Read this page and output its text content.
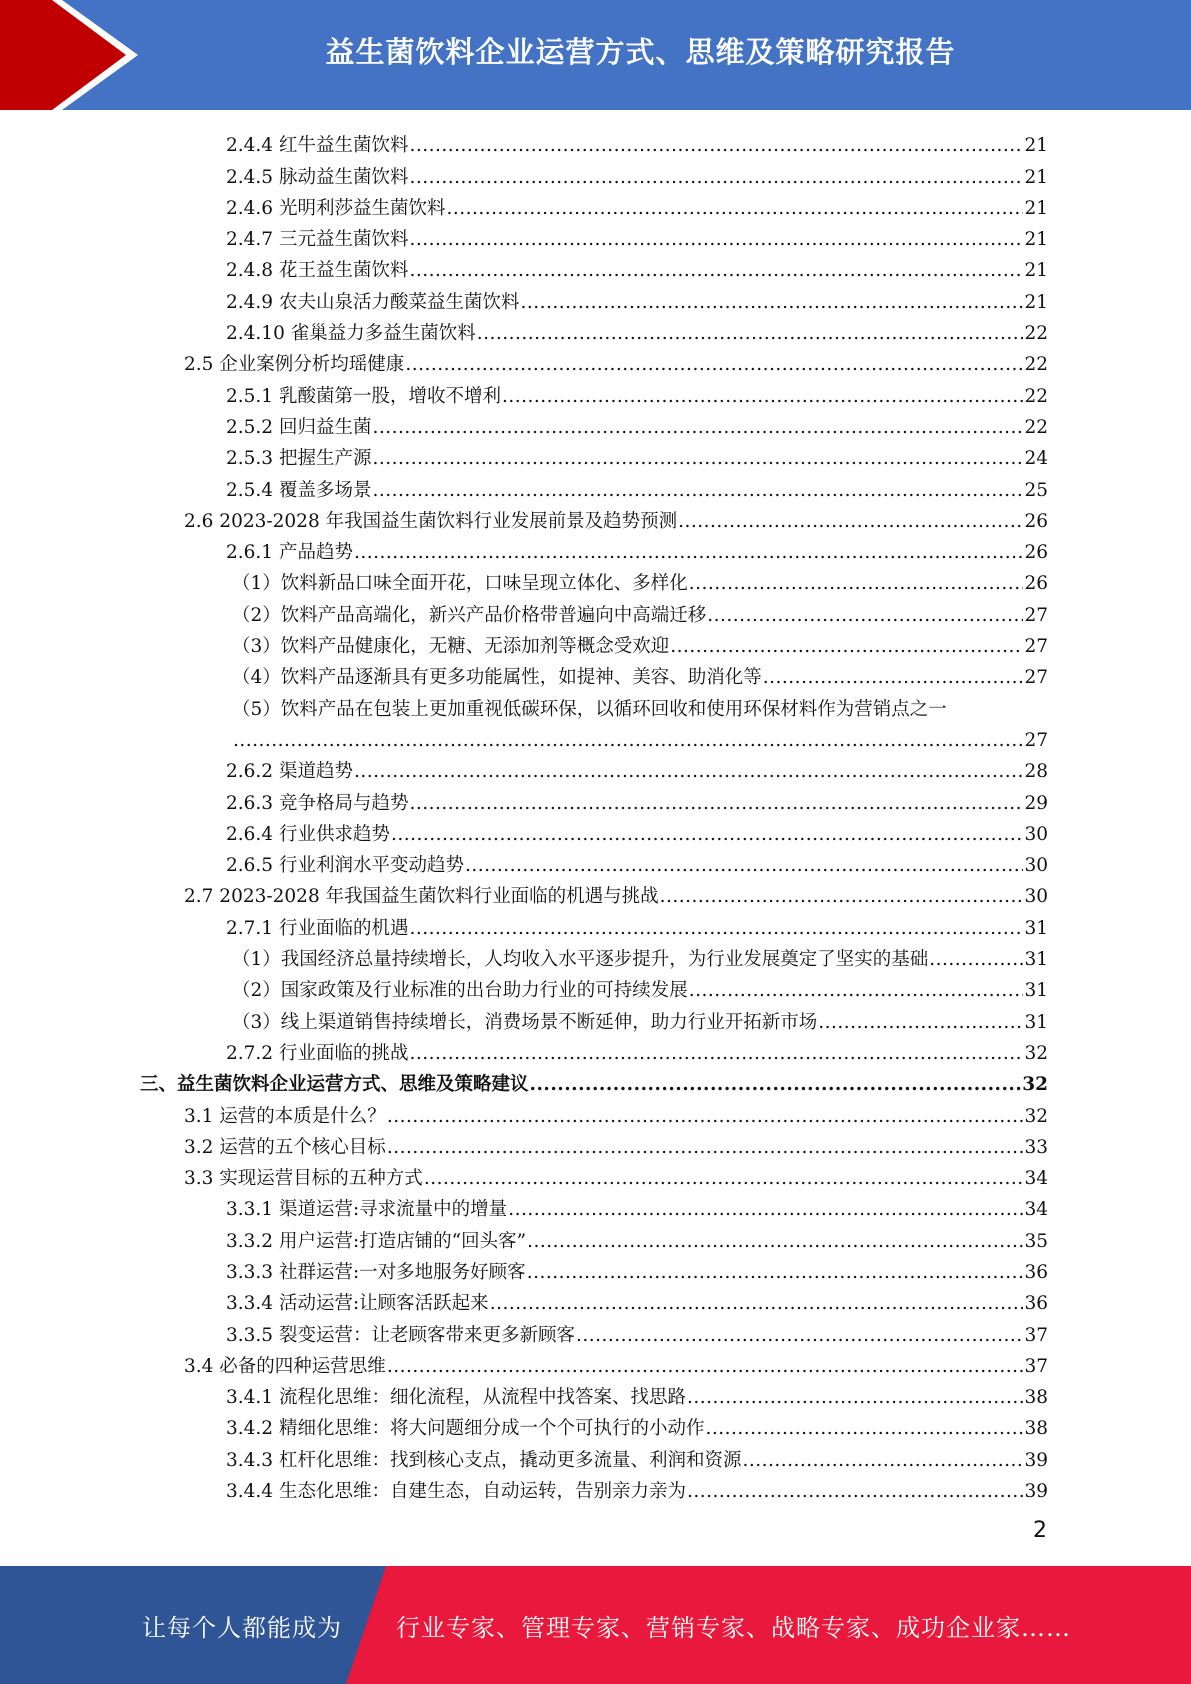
益生菌饮料企业运营方式、思维及策略研究报告
2.4.4 红牛益生菌饮料 .....	21
2.4.5 脉动益生菌饮料 .....	21
2.4.6 光明利莎益生菌饮料 .....	21
2.4.7 三元益生菌饮料 .....	21
2.4.8 花王益生菌饮料 .....	21
2.4.9 农夫山泉活力酸菜益生菌饮料 .....	21
2.4.10 雀巢益力多益生菌饮料 .....	22
2.5 企业案例分析均瑶健康 .....	22
2.5.1 乳酸菌第一股，增收不增利 .....	22
2.5.2 回归益生菌 .....	22
2.5.3 把握生产源 .....	24
2.5.4 覆盖多场景 .....	25
2.6 2023-2028 年我国益生菌饮料行业发展前景及趋势预测 .....	26
2.6.1 产品趋势 .....	26
（1）饮料新品口味全面开花，口味呈现立体化、多样化 .....	26
（2）饮料产品高端化，新兴产品价格带普遍向中高端迁移 .....	27
（3）饮料产品健康化，无糖、无添加剂等概念受欢迎 .....	27
（4）饮料产品逐渐具有更多功能属性，如提神、美容、助消化等 .....	27
（5）饮料产品在包装上更加重视低碳环保，以循环回收和使用环保材料作为营销点之一
.....
27
2.6.2 渠道趋势 .....	28
2.6.3 竞争格局与趋势 .....	29
2.6.4 行业供求趋势 .....	30
2.6.5 行业利润水平变动趋势 .....	30
2.7 2023-2028 年我国益生菌饮料行业面临的机遇与挑战 .....	30
2.7.1 行业面临的机遇 .....	31
（1）我国经济总量持续增长，人均收入水平逐步提升，为行业发展奠定了坚实的基础 .....	31
（2）国家政策及行业标准的出台助力行业的可持续发展 .....	31
（3）线上渠道销售持续增长，消费场景不断延伸，助力行业开拓新市场 .....	31
2.7.2 行业面临的挑战 .....	32
三、益生菌饮料企业运营方式、思维及策略建议 .....	32
3.1 运营的本质是什么？ .....	32
3.2 运营的五个核心目标 .....	33
3.3 实现运营目标的五种方式 .....	34
3.3.1 渠道运营:寻求流量中的增量 .....	34
3.3.2 用户运营:打造店铺的“回头客” .....	35
3.3.3 社群运营:一对多地服务好顾客 .....	36
3.3.4 活动运营:让顾客活跃起来 .....	36
3.3.5 裂变运营：让老顾客带来更多新顾客 .....	37
3.4 必备的四种运营思维 .....	37
3.4.1 流程化思维：细化流程，从流程中找答案、找思路 .....	38
3.4.2 精细化思维：将大问题细分成一个个可执行的小动作 .....	38
3.4.3 杠杆化思维：找到核心支点，撬动更多流量、利润和资源 .....	39
3.4.4 生态化思维：自建生态，自动运转，告别亲力亲为 .....	39
2
让每个人都能成为 行业专家、管理专家、营销专家、战略专家、成功企业家……
